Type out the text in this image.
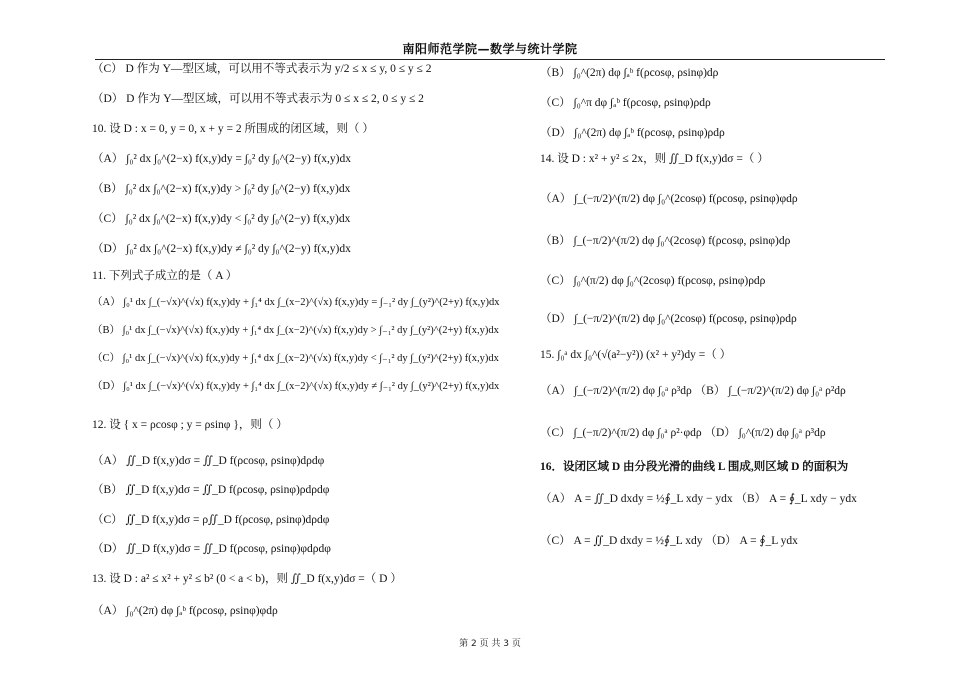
南阳师范学院—数学与统计学院
（C） D 作为 Y—型区域，可以用不等式表示为 y/2 ≤ x ≤ y, 0 ≤ y ≤ 2
（D） D 作为 Y—型区域，可以用不等式表示为 0 ≤ x ≤ 2, 0 ≤ y ≤ 2
10. 设 D : x = 0, y = 0, x + y = 2 所围成的闭区域，则（ ）
（A） ∫₀² dx ∫₀^(2−x) f(x,y)dy = ∫₀² dy ∫₀^(2−y) f(x,y)dx
（B） ∫₀² dx ∫₀^(2−x) f(x,y)dy > ∫₀² dy ∫₀^(2−y) f(x,y)dx
（C） ∫₀² dx ∫₀^(2−x) f(x,y)dy < ∫₀² dy ∫₀^(2−y) f(x,y)dx
（D） ∫₀² dx ∫₀^(2−x) f(x,y)dy ≠ ∫₀² dy ∫₀^(2−y) f(x,y)dx
11. 下列式子成立的是（ A ）
（A） ∫₀¹ dx ∫_(−√x)^(√x) f(x,y)dy + ∫₁⁴ dx ∫_(x−2)^(√x) f(x,y)dy = ∫₋₁² dy ∫_(y²)^(2+y) f(x,y)dx
（B） ∫₀¹ dx ∫_(−√x)^(√x) f(x,y)dy + ∫₁⁴ dx ∫_(x−2)^(√x) f(x,y)dy > ∫₋₁² dy ∫_(y²)^(2+y) f(x,y)dx
（C） ∫₀¹ dx ∫_(−√x)^(√x) f(x,y)dy + ∫₁⁴ dx ∫_(x−2)^(√x) f(x,y)dy < ∫₋₁² dy ∫_(y²)^(2+y) f(x,y)dx
（D） ∫₀¹ dx ∫_(−√x)^(√x) f(x,y)dy + ∫₁⁴ dx ∫_(x−2)^(√x) f(x,y)dy ≠ ∫₋₁² dy ∫_(y²)^(2+y) f(x,y)dx
12. 设 { x = ρcosφ ; y = ρsinφ }，则（ ）
（A） ∬_D f(x,y)dσ = ∬_D f(ρcosφ, ρsinφ)dρdφ
（B） ∬_D f(x,y)dσ = ∬_D f(ρcosφ, ρsinφ)ρdρdφ
（C） ∬_D f(x,y)dσ = ρ∬_D f(ρcosφ, ρsinφ)dρdφ
（D） ∬_D f(x,y)dσ = ∬_D f(ρcosφ, ρsinφ)φdρdφ
13. 设 D : a² ≤ x² + y² ≤ b² (0 < a < b)，则 ∬_D f(x,y)dσ =（ D ）
（A） ∫₀^(2π) dφ ∫ₐᵇ f(ρcosφ, ρsinφ)φdρ
（B） ∫₀^(2π) dφ ∫ₐᵇ f(ρcosφ, ρsinφ)dρ
（C） ∫₀^π dφ ∫ₐᵇ f(ρcosφ, ρsinφ)ρdρ
（D） ∫₀^(2π) dφ ∫ₐᵇ f(ρcosφ, ρsinφ)ρdρ
14. 设 D : x² + y² ≤ 2x，则 ∬_D f(x,y)dσ =（ ）
（A） ∫_(−π/2)^(π/2) dφ ∫₀^(2cosφ) f(ρcosφ, ρsinφ)φdρ
（B） ∫_(−π/2)^(π/2) dφ ∫₀^(2cosφ) f(ρcosφ, ρsinφ)dρ
（C） ∫₀^(π/2) dφ ∫₀^(2cosφ) f(ρcosφ, ρsinφ)ρdρ
（D） ∫_(−π/2)^(π/2) dφ ∫₀^(2cosφ) f(ρcosφ, ρsinφ)ρdρ
15. ∫₀ᵃ dx ∫₀^(√(a²−y²)) (x² + y²)dy =（ ）
（A） ∫_(−π/2)^(π/2) dφ ∫₀ᵃ ρ³dρ （B） ∫_(−π/2)^(π/2) dφ ∫₀ᵃ ρ²dρ
（C） ∫_(−π/2)^(π/2) dφ ∫₀ᵃ ρ²·φdρ （D） ∫₀^(π/2) dφ ∫₀ᵃ ρ³dρ
16．设闭区域 D 由分段光滑的曲线 L 围成,则区域 D 的面积为
（A） A = ∬_D dxdy = ½∮_L xdy − ydx （B） A = ∮_L xdy − ydx
（C） A = ∬_D dxdy = ½∮_L xdy （D） A = ∮_L ydx
第 2 页 共 3 页
